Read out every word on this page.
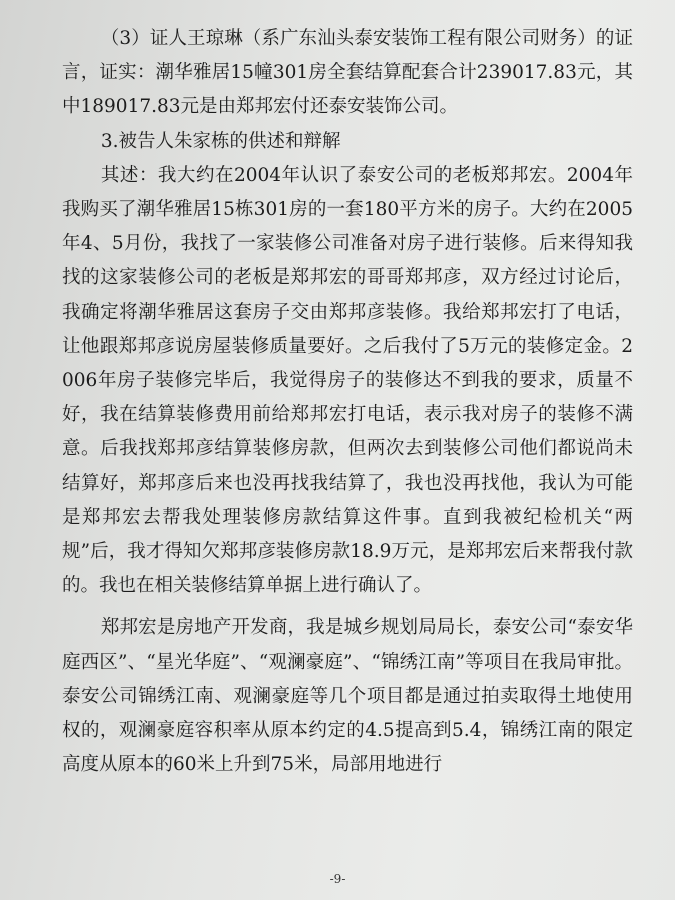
（3）证人王琼琳（系广东汕头泰安装饰工程有限公司财务）的证言，证实：潮华雅居15幢301房全套结算配套合计239017.83元，其中189017.83元是由郑邦宏付还泰安装饰公司。

3.被告人朱家栋的供述和辩解

其述：我大约在2004年认识了泰安公司的老板郑邦宏。2004年我购买了潮华雅居15栋301房的一套180平方米的房子。大约在2005年4、5月份，我找了一家装修公司准备对房子进行装修。后来得知我找的这家装修公司的老板是郑邦宏的哥哥郑邦彦，双方经过讨论后，我确定将潮华雅居这套房子交由郑邦彦装修。我给郑邦宏打了电话，让他跟郑邦彦说房屋装修质量要好。之后我付了5万元的装修定金。2006年房子装修完毕后，我觉得房子的装修达不到我的要求，质量不好，我在结算装修费用前给郑邦宏打电话，表示我对房子的装修不满意。后我找郑邦彦结算装修房款，但两次去到装修公司他们都说尚未结算好，郑邦彦后来也没再找我结算了，我也没再找他，我认为可能是郑邦宏去帮我处理装修房款结算这件事。直到我被纪检机关“两规”后，我才得知欠郑邦彦装修房款18.9万元，是郑邦宏后来帮我付款的。我也在相关装修结算单据上进行确认了。

郑邦宏是房地产开发商，我是城乡规划局局长，泰安公司“泰安华庭西区”、“星光华庭”、“观澜豪庭”、“锦绣江南”等项目在我局审批。泰安公司锦绣江南、观澜豪庭等几个项目都是通过拍卖取得土地使用权的，观澜豪庭容积率从原本约定的4.5提高到5.4，锦绣江南的限定高度从原本的60米上升到75米，局部用地进行

-9-
